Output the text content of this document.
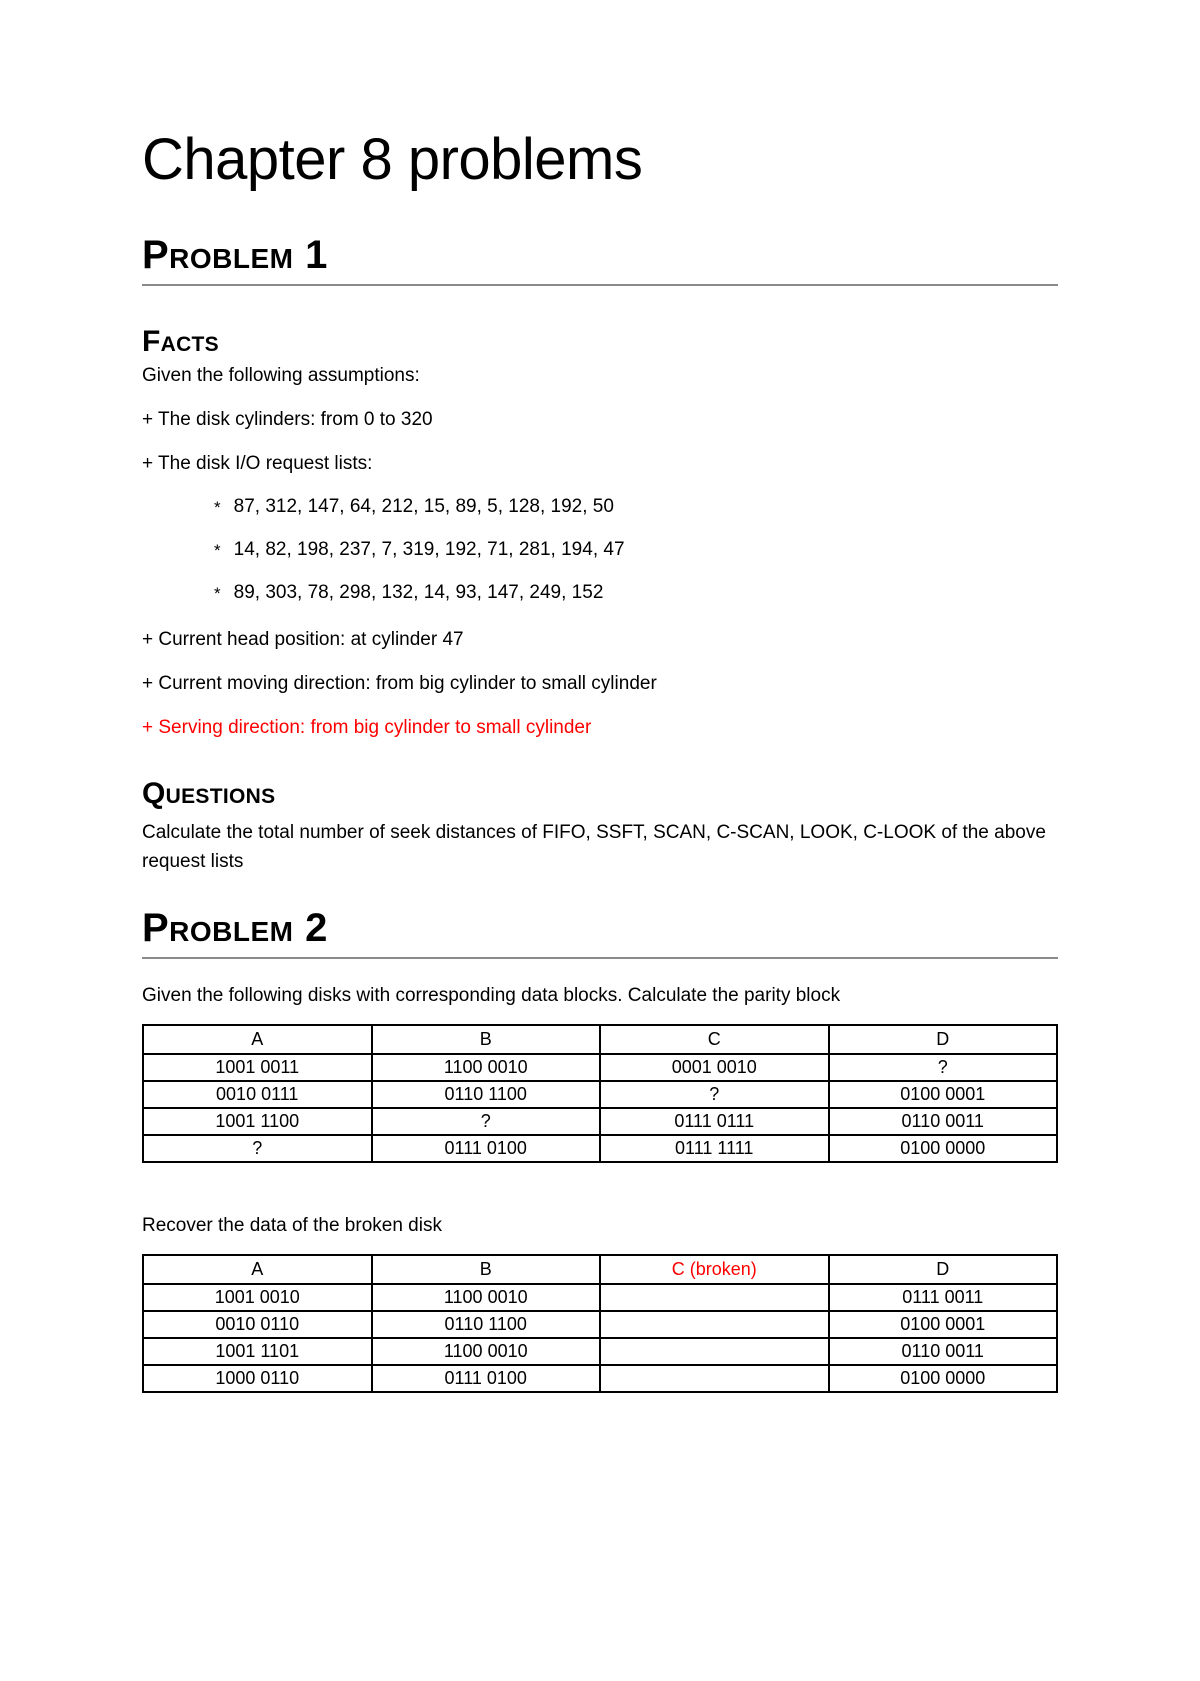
Chapter 8 problems
Problem 1
Facts

Given the following assumptions:

+ The disk cylinders: from 0 to 320

+ The disk I/O request lists:

* 87, 312, 147, 64, 212, 15, 89, 5, 128, 192, 50
* 14, 82, 198, 237, 7, 319, 192, 71, 281, 194, 47
* 89, 303, 78, 298, 132, 14, 93, 147, 249, 152

+ Current head position: at cylinder 47

+ Current moving direction: from big cylinder to small cylinder

+ Serving direction: from big cylinder to small cylinder

Questions

Calculate the total number of seek distances of FIFO, SSFT, SCAN, C-SCAN, LOOK, C-LOOK of the above request lists

Problem 2

Given the following disks with corresponding data blocks. Calculate the parity block

A	B	C	D
1001 0011	1100 0010	0001 0010	?
0010 0111	0110 1100	?	0100 0001
1001 1100	?	0111 0111	0110 0011
?	0111 0100	0111 1111	0100 0000

Recover the data of the broken disk

A	B	C (broken)	D
1001 0010	1100 0010		0111 0011
0010 0110	0110 1100		0100 0001
1001 1101	1100 0010		0110 0011
1000 0110	0111 0100		0100 0000
